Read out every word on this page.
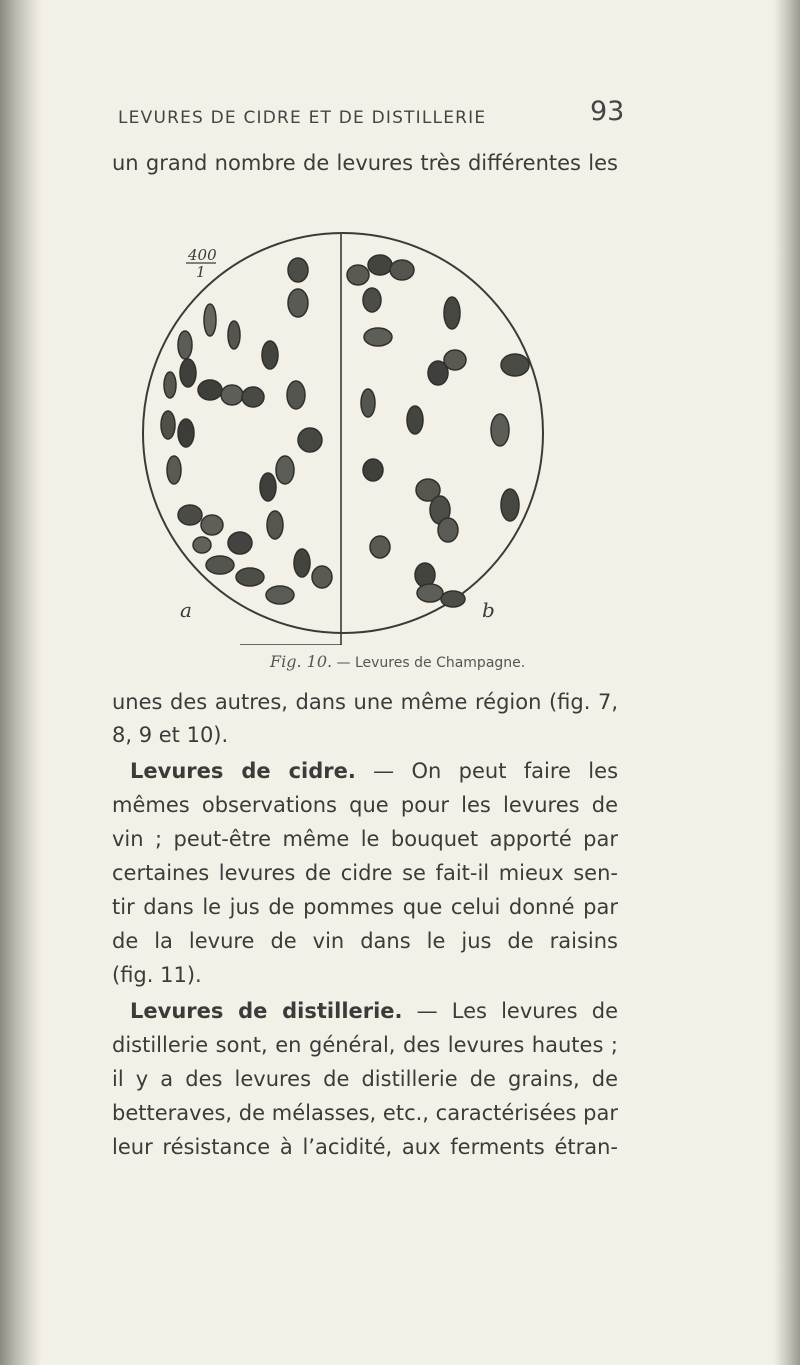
LEVURES DE CIDRE ET DE DISTILLERIE	93
un grand nombre de levures très différentes les
400
1
a	b
Fig. 10. — Levures de Champagne.
unes des autres, dans une même région (fig. 7,
8, 9 et 10).
Levures de cidre. — On peut faire les
mêmes observations que pour les levures de
vin ; peut-être même le bouquet apporté par
certaines levures de cidre se fait-il mieux sen-
tir dans le jus de pommes que celui donné par
de la levure de vin dans le jus de raisins
(fig. 11).
Levures de distillerie. — Les levures de
distillerie sont, en général, des levures hautes ;
il y a des levures de distillerie de grains, de
betteraves, de mélasses, etc., caractérisées par
leur résistance à l’acidité, aux ferments étran-
